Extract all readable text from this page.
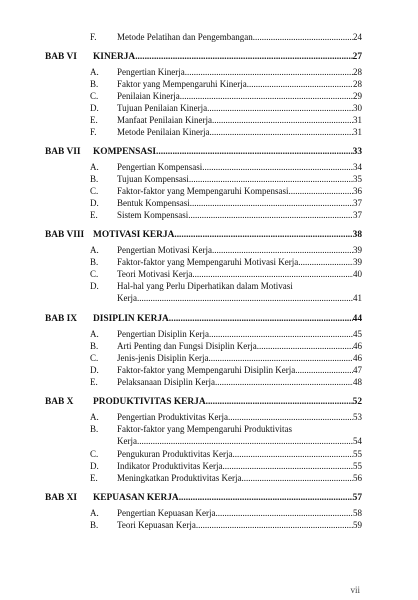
F. Metode Pelatihan dan Pengembangan .....	24
BAB VI KINERJA .....	27
A. Pengertian Kinerja .....	28
B. Faktor yang Mempengaruhi Kinerja .....	28
C. Penilaian Kinerja .....	29
D. Tujuan Penilaian Kinerja .....	30
E. Manfaat Penilaian Kinerja .....	31
F. Metode Penilaian Kinerja .....	31
BAB VII KOMPENSASI .....	33
A. Pengertian Kompensasi .....	34
B. Tujuan Kompensasi .....	35
C. Faktor-faktor yang Mempengaruhi Kompensasi .....	36
D. Bentuk Kompensasi .....	37
E. Sistem Kompensasi .....	37
BAB VIII MOTIVASI KERJA .....	38
A. Pengertian Motivasi Kerja .....	39
B. Faktor-faktor yang Mempengaruhi Motivasi Kerja .....	39
C. Teori Motivasi Kerja .....	40
D. Hal-hal yang Perlu Diperhatikan dalam Motivasi
Kerja .....	41
BAB IX DISIPLIN KERJA .....	44
A. Pengertian Disiplin Kerja .....	45
B. Arti Penting dan Fungsi Disiplin Kerja .....	46
C. Jenis-jenis Disiplin Kerja .....	46
D. Faktor-faktor yang Mempengaruhi Disiplin Kerja .....	47
E. Pelaksanaan Disiplin Kerja .....	48
BAB X PRODUKTIVITAS KERJA .....	52
A. Pengertian Produktivitas Kerja .....	53
B. Faktor-faktor yang Mempengaruhi Produktivitas
Kerja .....	54
C. Pengukuran Produktivitas Kerja .....	55
D. Indikator Produktivitas Kerja .....	55
E. Meningkatkan Produktivitas Kerja .....	56
BAB XI KEPUASAN KERJA .....	57
A. Pengertian Kepuasan Kerja .....	58
B. Teori Kepuasan Kerja .....	59
vii
